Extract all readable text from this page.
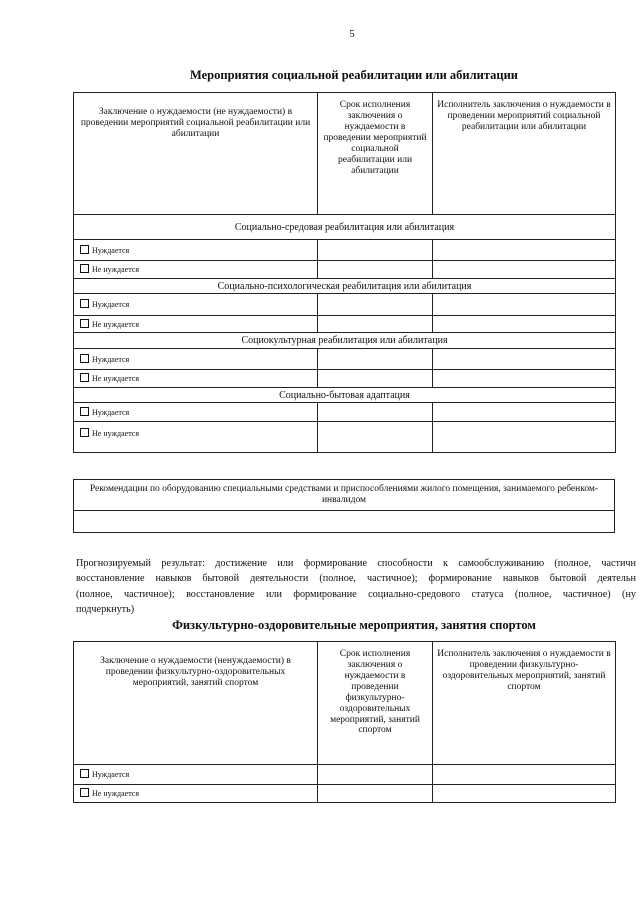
5
Мероприятия социальной реабилитации или абилитации
Заключение о нуждаемости (не нуждаемости) в проведении мероприятий социальной реабилитации или абилитации	Срок исполнения заключения о нуждаемости в проведении мероприятий социальной реабилитации или абилитации	Исполнитель заключения о нуждаемости в проведении мероприятий социальной реабилитации или абилитации
Социально-средовая реабилитация или абилитация		
Нуждается		
Не нуждается		
Социально-психологическая реабилитация или абилитация		
Нуждается		
Не нуждается		
Социокультурная реабилитация или абилитация		
Нуждается		
Не нуждается		
Социально-бытовая адаптация		
Нуждается		
Не нуждается		
Рекомендации по оборудованию специальными средствами и приспособлениями жилого помещения, занимаемого ребенком-инвалидом

Прогнозируемый результат: достижение или формирование способности к самообслуживанию (полное, частичн
восстановление навыков бытовой деятельности (полное, частичное); формирование навыков бытовой деятельн
(полное, частичное); восстановление или формирование социально-средового статуса (полное, частичное) (ну
подчеркнуть)
Физкультурно-оздоровительные мероприятия, занятия спортом
Заключение о нуждаемости (ненуждаемости) в проведении физкультурно-оздоровительных мероприятий, занятий спортом	Срок исполнения заключения о нуждаемости в проведении физкультурно-оздоровительных мероприятий, занятий спортом	Исполнитель заключения о нуждаемости в проведении физкультурно-оздоровительных мероприятий, занятий спортом
Нуждается		
Не нуждается		
